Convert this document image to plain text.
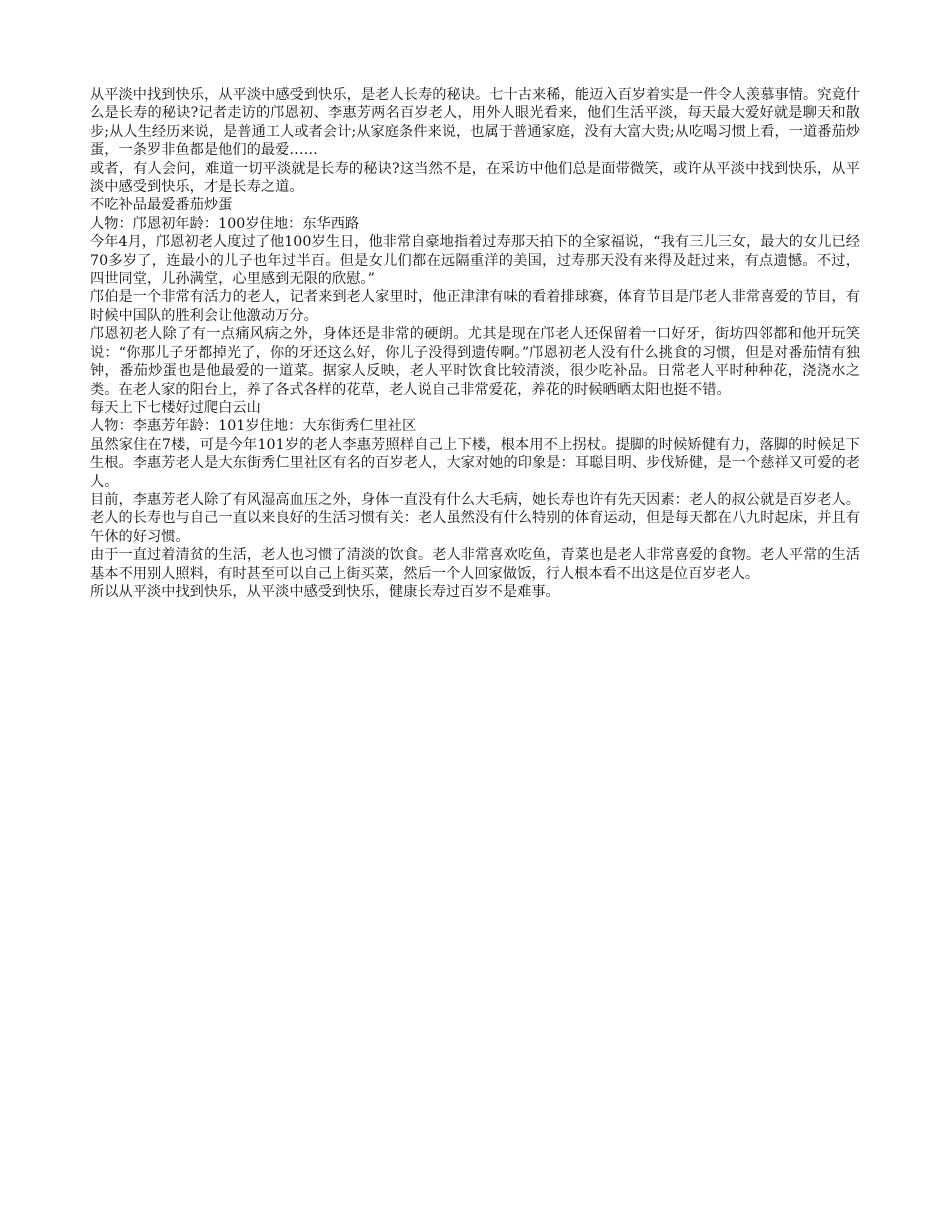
从平淡中找到快乐，从平淡中感受到快乐，是老人长寿的秘诀。七十古来稀，能迈入百岁着实是一件令人羡慕事情。究竟什么是长寿的秘诀?记者走访的邝恩初、李惠芳两名百岁老人，用外人眼光看来，他们生活平淡，每天最大爱好就是聊天和散步;从人生经历来说，是普通工人或者会计;从家庭条件来说，也属于普通家庭，没有大富大贵;从吃喝习惯上看，一道番茄炒蛋，一条罗非鱼都是他们的最爱……

或者，有人会问，难道一切平淡就是长寿的秘诀?这当然不是，在采访中他们总是面带微笑，或许从平淡中找到快乐，从平淡中感受到快乐，才是长寿之道。

不吃补品最爱番茄炒蛋

人物：邝恩初年龄：100岁住地：东华西路

今年4月，邝恩初老人度过了他100岁生日，他非常自豪地指着过寿那天拍下的全家福说，“我有三儿三女，最大的女儿已经70多岁了，连最小的儿子也年过半百。但是女儿们都在远隔重洋的美国，过寿那天没有来得及赶过来，有点遗憾。不过，四世同堂，儿孙满堂，心里感到无限的欣慰。”

邝伯是一个非常有活力的老人，记者来到老人家里时，他正津津有味的看着排球赛，体育节目是邝老人非常喜爱的节目，有时候中国队的胜利会让他激动万分。

邝恩初老人除了有一点痛风病之外，身体还是非常的硬朗。尤其是现在邝老人还保留着一口好牙，街坊四邻都和他开玩笑说：“你那儿子牙都掉光了，你的牙还这么好，你儿子没得到遗传啊。”邝恩初老人没有什么挑食的习惯，但是对番茄情有独钟，番茄炒蛋也是他最爱的一道菜。据家人反映，老人平时饮食比较清淡，很少吃补品。日常老人平时种种花，浇浇水之类。在老人家的阳台上，养了各式各样的花草，老人说自己非常爱花，养花的时候晒晒太阳也挺不错。

每天上下七楼好过爬白云山

人物：李惠芳年龄：101岁住地：大东街秀仁里社区

虽然家住在7楼，可是今年101岁的老人李惠芳照样自己上下楼，根本用不上拐杖。提脚的时候矫健有力，落脚的时候足下生根。李惠芳老人是大东街秀仁里社区有名的百岁老人，大家对她的印象是：耳聪目明、步伐矫健，是一个慈祥又可爱的老人。

目前，李惠芳老人除了有风湿高血压之外，身体一直没有什么大毛病，她长寿也许有先天因素：老人的叔公就是百岁老人。老人的长寿也与自己一直以来良好的生活习惯有关：老人虽然没有什么特别的体育运动，但是每天都在八九时起床，并且有午休的好习惯。

由于一直过着清贫的生活，老人也习惯了清淡的饮食。老人非常喜欢吃鱼，青菜也是老人非常喜爱的食物。老人平常的生活基本不用别人照料，有时甚至可以自己上街买菜，然后一个人回家做饭，行人根本看不出这是位百岁老人。

所以从平淡中找到快乐，从平淡中感受到快乐，健康长寿过百岁不是难事。
